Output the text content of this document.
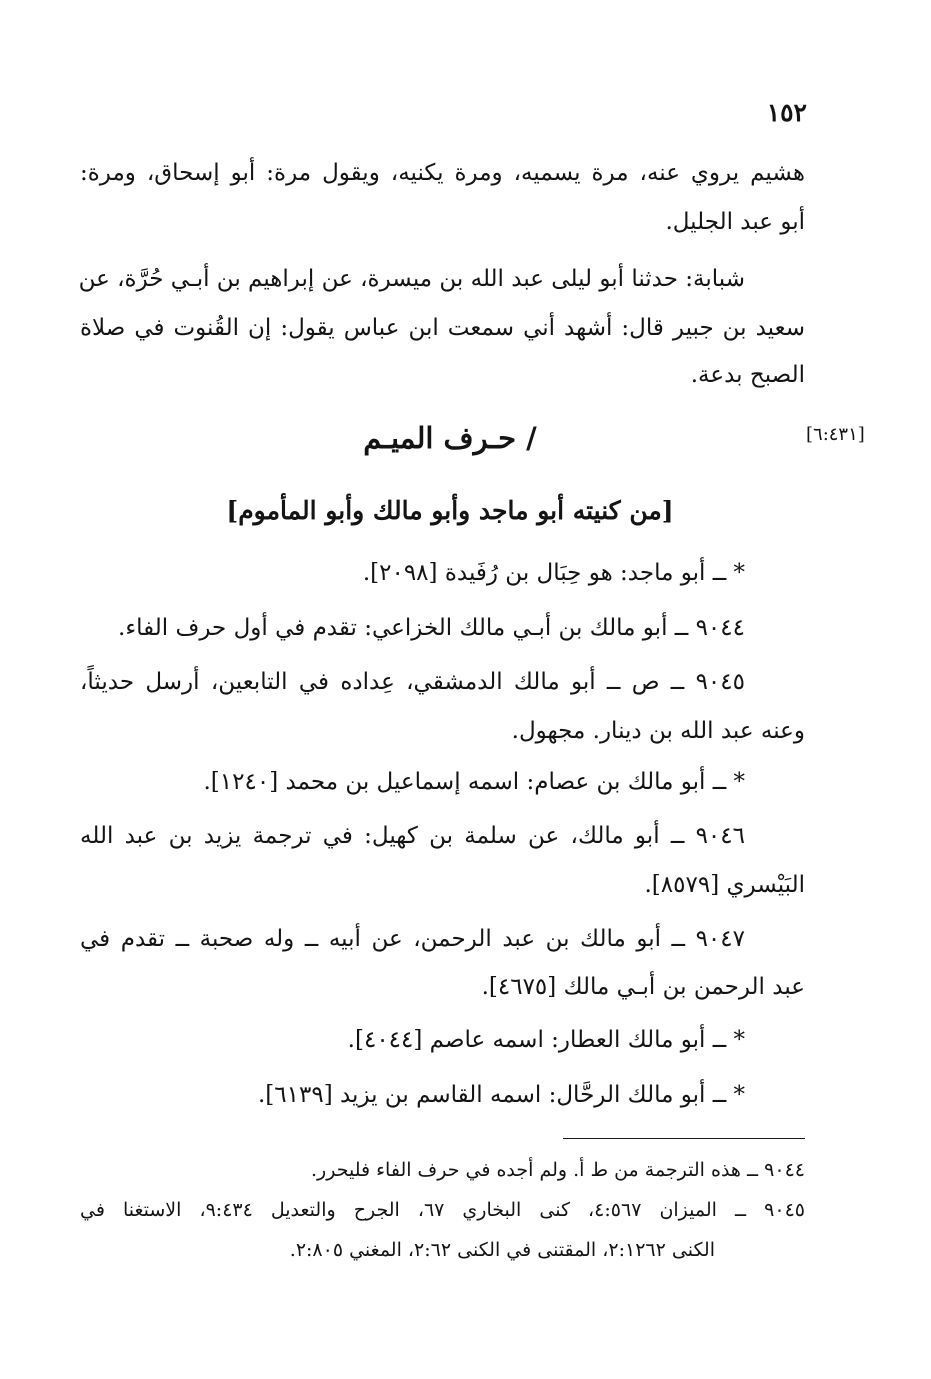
١٥٢
هشيم يروي عنه، مرة يسميه، ومرة يكنيه، ويقول مرة: أبو إسحاق، ومرة:
أبو عبد الجليل.
شبابة: حدثنا أبو ليلى عبد الله بن ميسرة، عن إبراهيم بن أبـي حُرَّة، عن
سعيد بن جبير قال: أشهد أني سمعت ابن عباس يقول: إن القُنوت في صلاة
الصبح بدعة.
[٦:٤٣١]
/ حـرف الميـم
[من كنيته أبو ماجد وأبو مالك وأبو المأموم]
* ــ أبو ماجد: هو حِبَال بن رُفَيدة [٢٠٩٨].
٩٠٤٤ ــ أبو مالك بن أبـي مالك الخزاعي: تقدم في أول حرف الفاء.
٩٠٤٥ ــ ص ــ أبو مالك الدمشقي، عِداده في التابعين، أرسل حديثاً،
وعنه عبد الله بن دينار. مجهول.
* ــ أبو مالك بن عصام: اسمه إسماعيل بن محمد [١٢٤٠].
٩٠٤٦ ــ أبو مالك، عن سلمة بن كهيل: في ترجمة يزيد بن عبد الله
البَيْسري [٨٥٧٩].
٩٠٤٧ ــ أبو مالك بن عبد الرحمن، عن أبيه ــ وله صحبة ــ تقدم في
عبد الرحمن بن أبـي مالك [٤٦٧٥].
* ــ أبو مالك العطار: اسمه عاصم [٤٠٤٤].
* ــ أبو مالك الرحَّال: اسمه القاسم بن يزيد [٦١٣٩].
٩٠٤٤ ــ هذه الترجمة من ط أ. ولم أجده في حرف الفاء فليحرر.
٩٠٤٥ ــ الميزان ٤:٥٦٧، كنى البخاري ٦٧، الجرح والتعديل ٩:٤٣٤، الاستغنا في
الكنى ٢:١٢٦٢، المقتنى في الكنى ٢:٦٢، المغني ٢:٨٠٥.
